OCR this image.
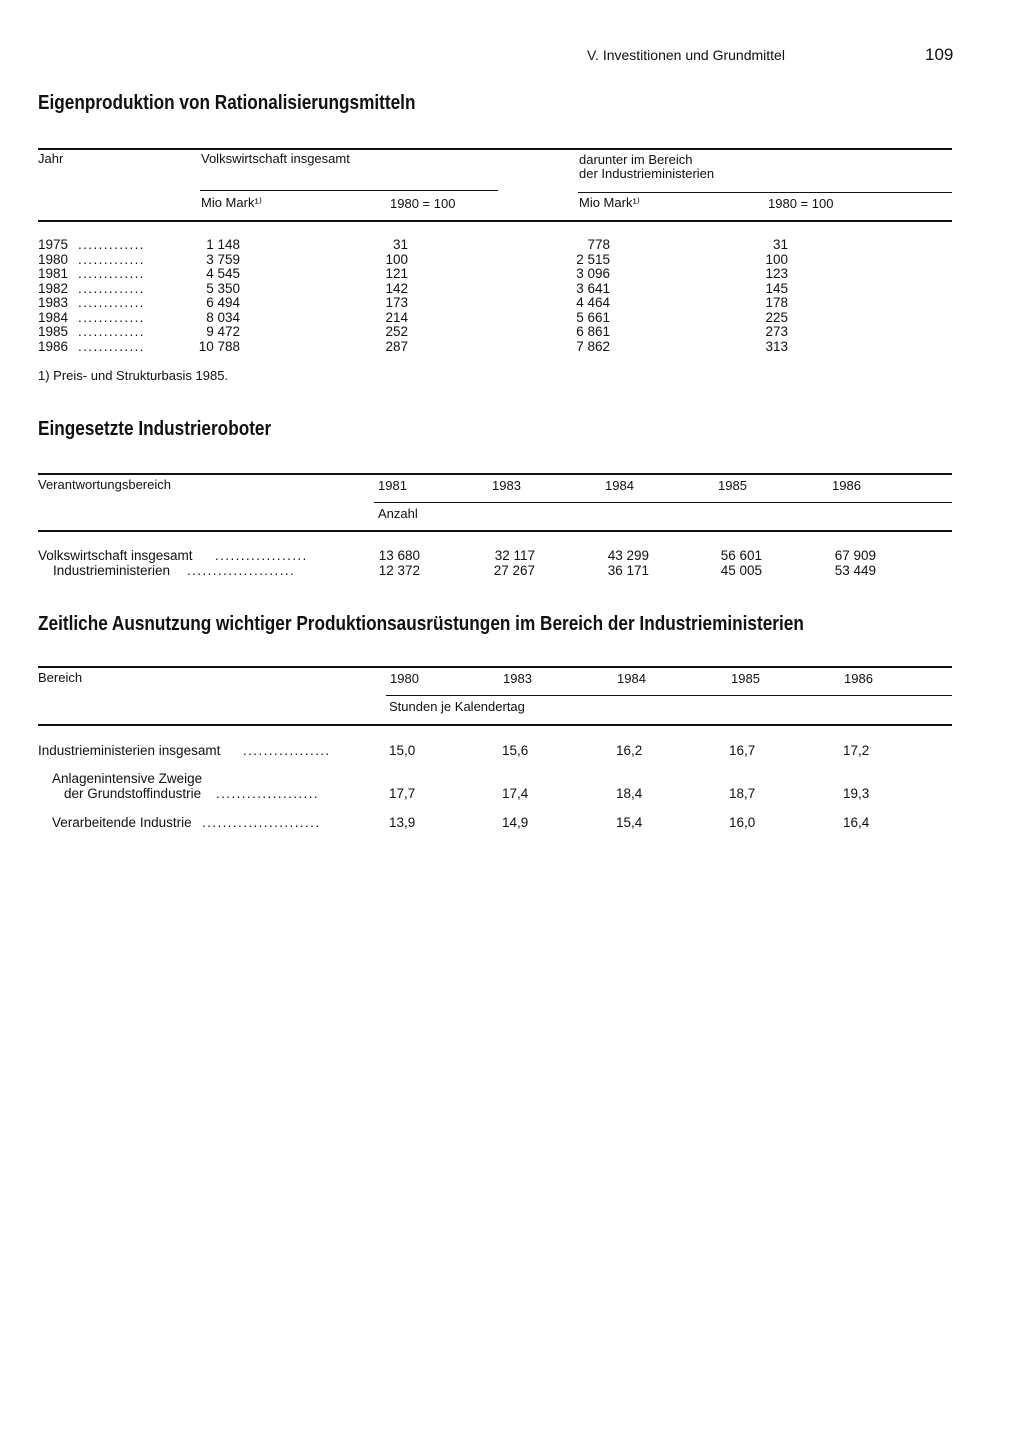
V. Investitionen und Grundmittel	109
Eigenproduktion von Rationalisierungsmitteln
Jahr	Volkswirtschaft insgesamt	darunter im Bereich
der Industrieministerien
Mio Mark¹⁾	1980 = 100	Mio Mark¹⁾	1980 = 100
1975 .............	1 148	31	778	31
1980 .............	3 759	100	2 515	100
1981 .............	4 545	121	3 096	123
1982 .............	5 350	142	3 641	145
1983 .............	6 494	173	4 464	178
1984 .............	8 034	214	5 661	225
1985 .............	9 472	252	6 861	273
1986 .............	10 788	287	7 862	313
1) Preis- und Strukturbasis 1985.
Eingesetzte Industrieroboter
Verantwortungsbereich	1981	1983	1984	1985	1986
Anzahl
Volkswirtschaft insgesamt ..................	13 680	32 117	43 299	56 601	67 909
Industrieministerien .....................	12 372	27 267	36 171	45 005	53 449
Zeitliche Ausnutzung wichtiger Produktionsausrüstungen im Bereich der Industrieministerien
Bereich	1980	1983	1984	1985	1986
Stunden je Kalendertag
Industrieministerien insgesamt .................	15,0	15,6	16,2	16,7	17,2
Anlagenintensive Zweige
der Grundstoffindustrie ....................	17,7	17,4	18,4	18,7	19,3
Verarbeitende Industrie .......................	13,9	14,9	15,4	16,0	16,4
